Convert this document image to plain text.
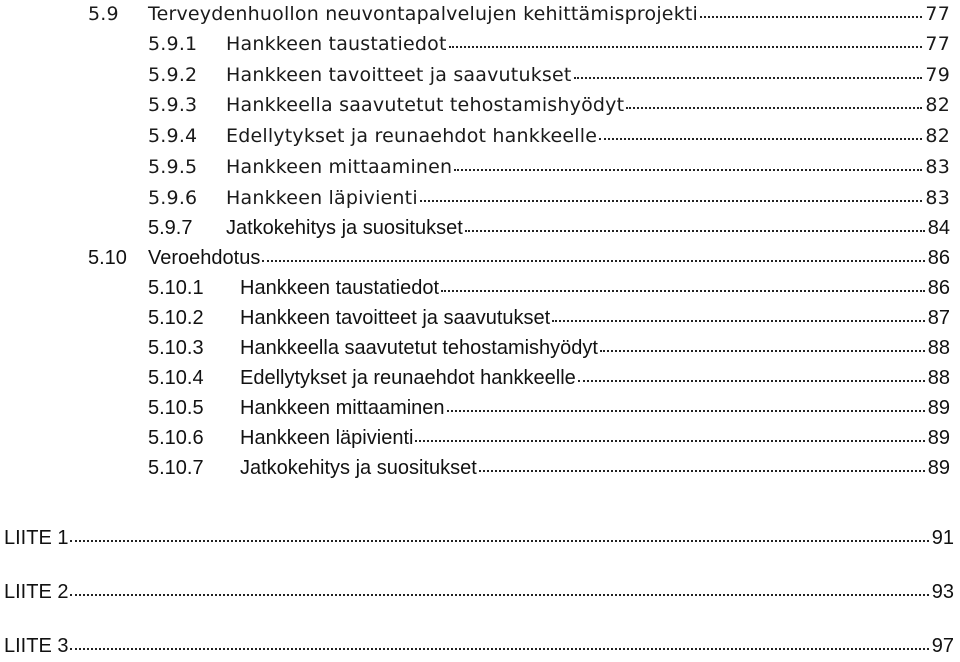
5.9	Terveydenhuollon neuvontapalvelujen kehittämisprojekti	77
5.9.1	Hankkeen taustatiedot	77
5.9.2	Hankkeen tavoitteet ja saavutukset	79
5.9.3	Hankkeella saavutetut tehostamishyödyt	82
5.9.4	Edellytykset ja reunaehdot hankkeelle	82
5.9.5	Hankkeen mittaaminen	83
5.9.6	Hankkeen läpivienti	83
5.9.7	Jatkokehitys ja suositukset	84
5.10	Veroehdotus	86
5.10.1	Hankkeen taustatiedot	86
5.10.2	Hankkeen tavoitteet ja saavutukset	87
5.10.3	Hankkeella saavutetut tehostamishyödyt	88
5.10.4	Edellytykset ja reunaehdot hankkeelle	88
5.10.5	Hankkeen mittaaminen	89
5.10.6	Hankkeen läpivienti	89
5.10.7	Jatkokehitys ja suositukset	89
LIITE 1	91
LIITE 2	93
LIITE 3	97
